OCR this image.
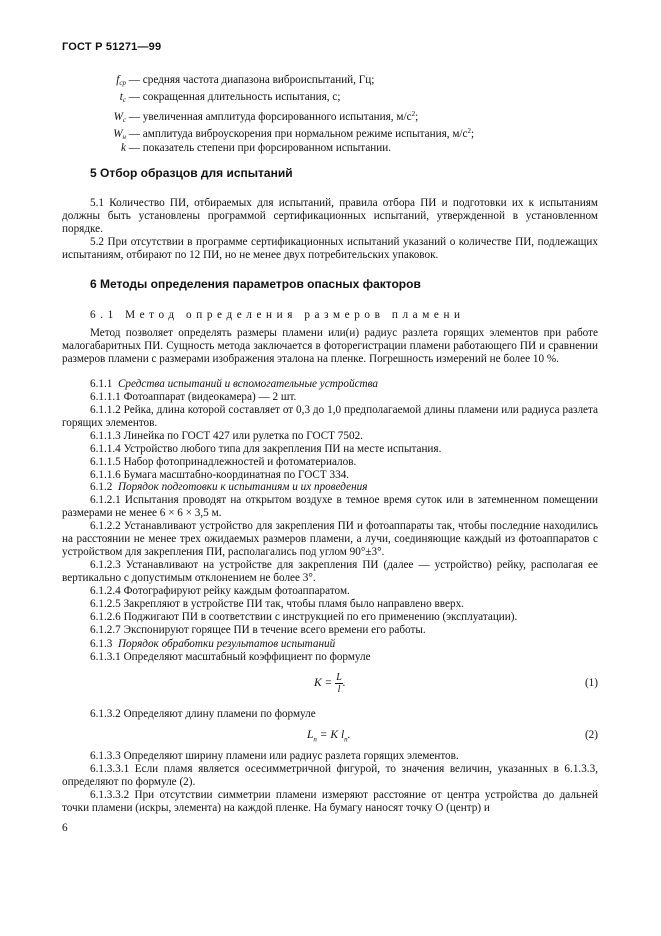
ГОСТ Р 51271—99
$f_{ср}$ — средняя частота диапазона виброиспытаний, Гц;
$t_с$ — сокращенная длительность испытания, с;
$W_с$ — увеличенная амплитуда форсированного испытания, $м/с^2$;
$W_н$ — амплитуда виброускорения при нормальном режиме испытания, $м/с^2$;
k — показатель степени при форсированном испытании.
5 Отбор образцов для испытаний

5.1 Количество ПИ, отбираемых для испытаний, правила отбора ПИ и подготовки их к испытаниям должны быть установлены программой сертификационных испытаний, утвержденной в установленном порядке.

5.2 При отсутствии в программе сертификационных испытаний указаний о количестве ПИ, подлежащих испытаниям, отбирают по 12 ПИ, но не менее двух потребительских упаковок.

6 Методы определения параметров опасных факторов
6.1 Метод определения размеров пламени

Метод позволяет определять размеры пламени или(и) радиус разлета горящих элементов при работе малогабаритных ПИ. Сущность метода заключается в фоторегистрации пламени работающего ПИ и сравнении размеров пламени с размерами изображения эталона на пленке. Погрешность измерений не более 10 %.

6.1.1 Средства испытаний и вспомогательные устройства

6.1.1.1 Фотоаппарат (видеокамера) — 2 шт.

6.1.1.2 Рейка, длина которой составляет от 0,3 до 1,0 предполагаемой длины пламени или радиуса разлета горящих элементов.

6.1.1.3 Линейка по ГОСТ 427 или рулетка по ГОСТ 7502.

6.1.1.4 Устройство любого типа для закрепления ПИ на месте испытания.

6.1.1.5 Набор фотопринадлежностей и фотоматериалов.

6.1.1.6 Бумага масштабно-координатная по ГОСТ 334.

6.1.2 Порядок подготовки к испытаниям и их проведения

6.1.2.1 Испытания проводят на открытом воздухе в темное время суток или в затемненном помещении размерами не менее 6 × 6 × 3,5 м.

6.1.2.2 Устанавливают устройство для закрепления ПИ и фотоаппараты так, чтобы последние находились на расстоянии не менее трех ожидаемых размеров пламени, а лучи, соединяющие каждый из фотоаппаратов с устройством для закрепления ПИ, располагались под углом 90°±3°.

6.1.2.3 Устанавливают на устройстве для закрепления ПИ (далее — устройство) рейку, располагая ее вертикально с допустимым отклонением не более 3°.

6.1.2.4 Фотографируют рейку каждым фотоаппаратом.

6.1.2.5 Закрепляют в устройстве ПИ так, чтобы пламя было направлено вверх.

6.1.2.6 Поджигают ПИ в соответствии с инструкцией по его применению (эксплуатации).

6.1.2.7 Экспонируют горящее ПИ в течение всего времени его работы.

6.1.3 Порядок обработки результатов испытаний
6.1.3.1 Определяют масштабный коэффициент по формуле
$K = \frac{L}{l}$ .	(1)
6.1.3.2 Определяют длину пламени по формуле
$L_п = K$ $l_п$.	(2)

6.1.3.3 Определяют ширину пламени или радиус разлета горящих элементов.

6.1.3.3.1 Если пламя является осесимметричной фигурой, то значения величин, указанных в 6.1.3.3, определяют по формуле (2).

6.1.3.3.2 При отсутствии симметрии пламени измеряют расстояние от центра устройства до дальней точки пламени (искры, элемента) на каждой пленке. На бумагу наносят точку О (центр) и

6
